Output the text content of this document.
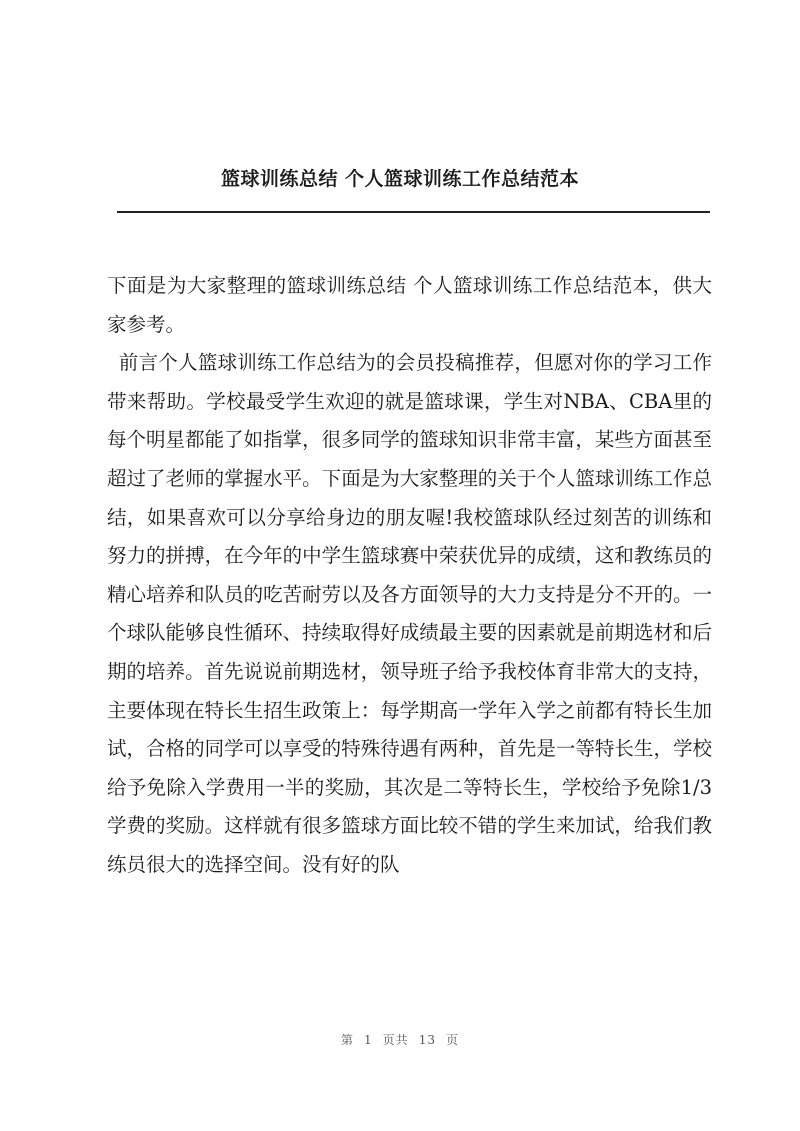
篮球训练总结 个人篮球训练工作总结范本

下面是为大家整理的篮球训练总结 个人篮球训练工作总结范本，供大家参考。

前言个人篮球训练工作总结为的会员投稿推荐，但愿对你的学习工作带来帮助。学校最受学生欢迎的就是篮球课，学生对NBA、CBA里的每个明星都能了如指掌，很多同学的篮球知识非常丰富，某些方面甚至超过了老师的掌握水平。下面是为大家整理的关于个人篮球训练工作总结，如果喜欢可以分享给身边的朋友喔!我校篮球队经过刻苦的训练和努力的拼搏，在今年的中学生篮球赛中荣获优异的成绩，这和教练员的精心培养和队员的吃苦耐劳以及各方面领导的大力支持是分不开的。一个球队能够良性循环、持续取得好成绩最主要的因素就是前期选材和后期的培养。首先说说前期选材，领导班子给予我校体育非常大的支持，主要体现在特长生招生政策上：每学期高一学年入学之前都有特长生加试，合格的同学可以享受的特殊待遇有两种，首先是一等特长生，学校给予免除入学费用一半的奖励，其次是二等特长生，学校给予免除1/3学费的奖励。这样就有很多篮球方面比较不错的学生来加试，给我们教练员很大的选择空间。没有好的队

第 1 页共 13 页
